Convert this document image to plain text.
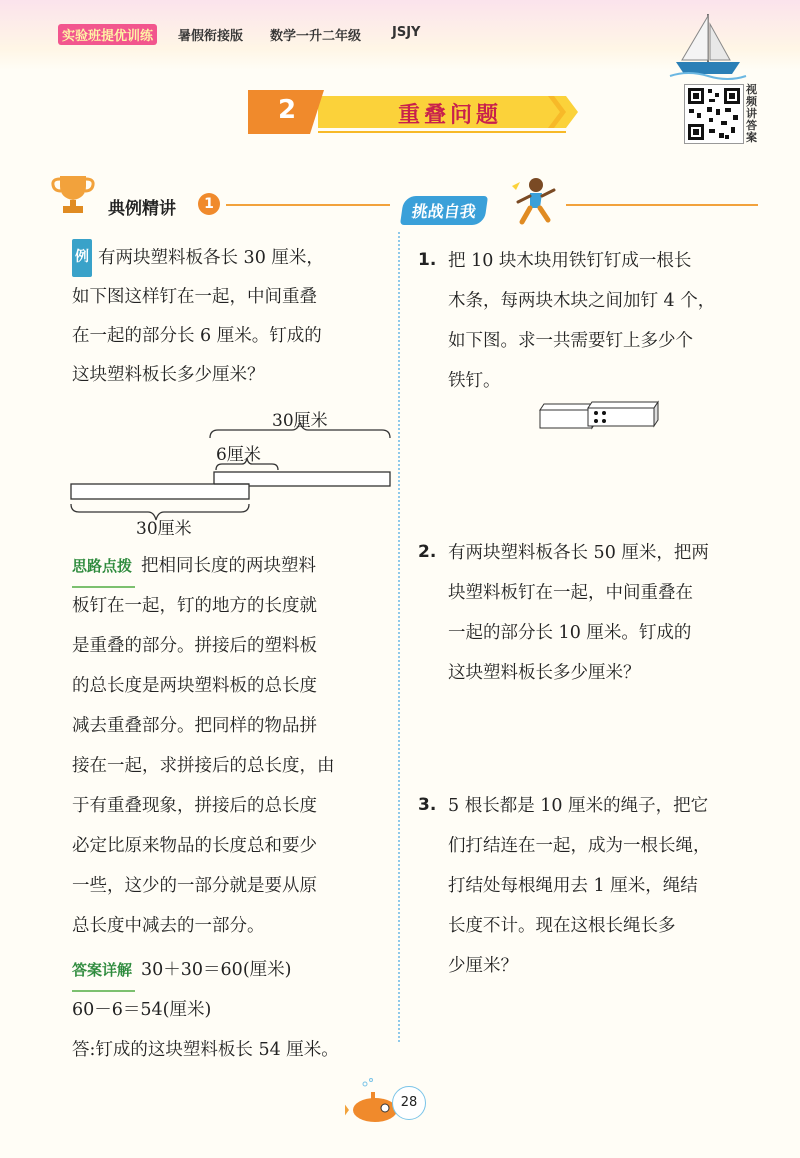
实验班提优训练	暑假衔接版 数学一升二年级 JSJY
2	重叠问题
视频讲答案
典例精讲	1	挑战自我
例 有两块塑料板各长 30 厘米，
如下图这样钉在一起，中间重叠
在一起的部分长 6 厘米。钉成的
这块塑料板长多少厘米？
30厘米
6厘米
30厘米
思路点拨 把相同长度的两块塑料
板钉在一起，钉的地方的长度就
是重叠的部分。拼接后的塑料板
的总长度是两块塑料板的总长度
减去重叠部分。把同样的物品拼
接在一起，求拼接后的总长度，由
于有重叠现象，拼接后的总长度
必定比原来物品的长度总和要少
一些，这少的一部分就是要从原
总长度中减去的一部分。
答案详解 30＋30＝60(厘米)
60－6＝54(厘米)
答:钉成的这块塑料板长 54 厘米。
1. 把 10 块木块用铁钉钉成一根长
木条，每两块木块之间加钉 4 个，
如下图。求一共需要钉上多少个
铁钉。
2. 有两块塑料板各长 50 厘米，把两
块塑料板钉在一起，中间重叠在
一起的部分长 10 厘米。钉成的
这块塑料板长多少厘米？
3. 5 根长都是 10 厘米的绳子，把它
们打结连在一起，成为一根长绳，
打结处每根绳用去 1 厘米，绳结
长度不计。现在这根长绳长多
少厘米？
28
